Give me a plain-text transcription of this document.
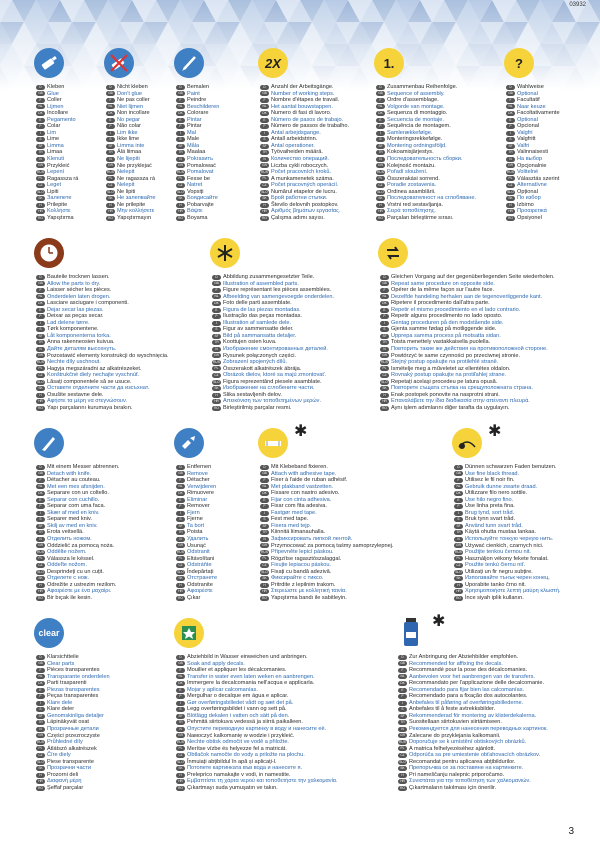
03932
D Kleben
GB Glue
F Coller
NL Lijmen
DK Incollare
E Pegamento
P Colar
I	Lim
S Lime
SF Limma
TR Limaa
N Klenuti
GR Przykleić
RUS Lepení
PL Ragasszа rá
CZ Leget
SLO Lipiti
SK Залепете
H Prilepite
HR Κολλήστε
RO Yapıştırma
D Nicht kleben
GB Don't glue
F Ne pas coller
NL Niet lijmen
DK Non incollare
E No pegar
P Não colar
I	Lim ikke
S Ikke lime
SF Limma inte
TR Älä liimaa
N Ne lijepiti
GR Nie przyklejać
RUS Nelepit
PL Ne ragassza rá
CZ Nelepit
SLO Ne lipiti
SK Не залепвайте
H Ne prilepite
HR Μην κολλήσετε
RO Yapıştırmayın
D Bemalen
GB Paint
F Peindre
NL Beschilderen
DK Colorare
E Pintar
P Pintar
I	Mal
S Male
SF Måla
TR Maalaa
N Pokrasить
GR Pomalować
RUS Pomalovat
PL Fesse be
CZ Natret
SLO Vopsiți
SK Боядисайте
H Pobarvajte
HR Βάψτε
RO Boyama
2X
D Anzahl der Arbeitsgänge.
GB Number of working steps.
F Nombre d'étapes de travail.
NL Het aantal bouwstappen.
DK Numero di fasi di lavoro.
E Número de pasos de trabajo.
P Número de passos de trabalho.
I	Antal arbejdsgange.
S Antall arbeidstrinn.
SF Antal operationer.
TR Työvaiheiden määrä.
N Количество операций.
GR Liczba cykli roboczych.
RUS Počet pracovních kroků.
PL A munkamenetek száma.
CZ Počet pracovných operácií.
SLO Numărul etapelor de lucru.
SK Брой работни стъпки.
H Število delovnih postopkov.
HR Αριθμός βημάτων εργασίας.
RO Çalışma adımı sayısı.
1.
D Zusammenbau Reihenfolge.
GB Sequence of assembly.
F Ordre d'assemblage.
NL Volgorde van montage.
DK Sequenza di montaggio.
E Secuencia de montaje.
P Sequência de montagem.
I	Samlerækkefølge.
S Monteringsrekkefølge.
SF Montering ordningsföljd.
TR Kokoamisjärjestys.
N Последовательность сборки.
GR Kolejność montażu.
RUS Pořadí sloužení.
PL Összerakási sorrend.
CZ Poradie zostavenia.
SLO Ordinea asamblării.
SK Последователност на сглобяване.
H Vrstni red sestavljanja.
HR Σειρά τοποθέτησης.
RO Parçaları birleştirme sırası.
?
D Wahlweise
GB Optional
F Facultatif
NL Naar keuze
DK Facoltativamente
E Optional
P Opcional
I	Valgfri
S Valgfritt
SF Valfri
TR Valinnaisesti
N На выбор
GR Opcjonalnie
RUS Volitelné
PL Választás szerint
CZ Alternatívne
SLO Opțional
SK По избор
H Izbirno
HR Προαιρετικά
RO Opsiyonel
D Bauteile trocknen lassen.
GB Allow the parts to dry.
F Laisser sécher les pièces.
NL Onderdelen laten drogen.
DK Lasciare asciugare i componenti.
E Dejar secar las piezas.
P Deixar as peças secar.
I	Lad delene tørre.
S Tørk komponentene.
SF Låt komponenterna torka.
TR Anna rakenneosien kuivua.
N Дайте деталям высохнуть.
GR Pozostawić elementy konstrukcji do wyschnięcia.
RUS Nechte díly uschnout.
PL Hagyja megszáradni az alkatrészeket.
CZ Konštrukčné diely nechajte vyschnúť.
SLO Lăsați componentele să se usuce.
SK Оставете отделните части да изсъхнат.
H Osušite sestavne dele.
HR Αφήστε τα μέρη να στεγνώσουν.
RO Yapı parçalarını kurumaya bırakın.
D Abbildung zusammengesetzter Teile.
GB Illustration of assembled parts.
F Figure représentant les pièces assemblées.
NL Afbeelding van samengevoegde onderdelen.
DK Foto delle parti assemblate.
E Figura de las piezas montadas.
P Ilustração das peças montadas.
I	Illustration af samlede dele.
S Figur av sammensatte deler.
SF Bild på sammansatta detaljer.
TR Koottujen osien kuva.
N Изображение смонтированных деталей.
GR Rysunek połączonych części.
RUS Zobrazení spojených dílů.
PL Összerakott alkatrészek ábrája.
CZ Obrázok dielov, ktoré sa majú zmontovať.
SLO Figura reprezentând piesele asamblate.
SK Изображение на сглобените части.
H Slika sestavljenih delov.
HR Απεικόνιση των τοποθετημένων μερών.
RO Birleştirilmiş parçalar resmi.
D Gleichen Vorgang auf der gegenüberliegenden Seite wiederholen.
GB Repeat same procedure on opposite side.
F Opérer de la même façon sur l'autre face.
NL Dezelfde handeling herhalen aan de tegenoverliggende kant.
DK Ripetere il procedimento dall'altra parte.
E Repetir el mismo procedimiento en el lado contrario.
P Repetir alguns procedimento no lado oposto.
I	Gentag proceduren på den modstående side.
S Gjenta samme fødag på motliggende side.
SF Upprepa samma process på motsatta sidan.
TR Toista menettely vastakkaisella puolella.
N Повторить такие же действия на противоположной стороне.
GR Powtórzyć te same czynności po przeciwnej stronie.
RUS Stejný postup opakujte na protilehlé straně.
PL Ismételje meg a műveletet az ellentétes oldalon.
CZ Rovnaký postup opakujte na protiľahlej strane.
SLO Repetați acelaşi procedeu pe latura opusă.
SK Повторете същата стъпка на срещуположната страна.
H Enak postopek ponovite na nasprotni strani.
HR Επαναλάβετε την ίδια διαδικασία στην απέναντι πλευρά.
RO Aynı işlem adımlarını diğer tarafta da uygulayın.
D Mit einem Messer abtrennen.
GB Detach with knife.
F Détacher au couteau.
NL Met een mes afsnijden.
DK Separare con un coltello.
E Separar con cuchillo.
P Separar com uma faca.
I	Skær af med en kniv.
S Separer med kniv.
SF Skilj av med en kniv.
TR Erota veitsellä.
N Отделить ножом.
GR Oddzielić za pomocą noża.
RUS Oddělte nožem.
PL Válassza le késsel.
CZ Oddeľte nožom.
SLO Desprindeți cu un cuțit.
SK Отделете с нож.
H Odrežite z ustrezim rezilom.
HR Αφαιρέστε με ένα μαχαίρι.
RO Bir bıçak ile kesin.
D Entfernen
GB Remove
F Détacher
NL Verwijderen
DK Rimuovere
E Eliminar
P Remover
I	Fjern
S Fjerne
SF Ta bort
TR Poista
N Удалить
GR Usunąć
RUS Odstranit
PL Eltávolítani
CZ Odstráňte
SLO Îndepărtați
SK Отстранете
H Odstranite
HR Αφαιρέστε
RO Çıkar
✱
D Mit Klebeband fixieren.
GB Attach with adhesive tape.
F Fixer à l'aide de ruban adhésif.
NL Met plakband vastzetten.
DK Fissare con nastro adesivo.
E Fijar con cinta adhesiva.
P Fixar com fita adesiva.
I	Fastgør med tape.
S Fest med tape.
SF Fixera med tejp.
TR Kiinnitä liimanauhalla.
N Зафиксировать липкой лентой.
GR Przymocować za pomocą taśmy samoprzylepnej.
RUS Připevněte lepicí páskou.
PL Rögzítse ragasztószalaggal.
CZ Fixujte lepiacou páskou.
SLO Fixați cu bandă adezivă.
SK Фиксирайте с тиксо.
H Pritrdite z lepilnim trakom.
HR Στερεώστε με κολλητική ταινία.
RO Yapıştırma bandı ile sabitleyin.
✱
D Dünnen schwarzen Faden benutzen.
GB Use fine black thread.
F Utilisez le fil noir fin.
NL Gebruik dunne zwarte draad.
DK Utilizzare filo nero sottile.
E Use hilo negro fino.
P Use linha preta fina.
I	Brug tynd, sort tråd.
S Bruk tynn svart tråd.
SF Använd tunn svart tråd.
TR Käytä ohutta mustaa lankaa.
N Используйте тонкую черную нить.
GR Używać cienkich, czarnych nici.
RUS Použijte tenkou černou nit.
PL Használjon vékony fekete fonalat.
CZ Použite tenkú čiernu niť.
SLO Utilizați un fir negru subțire.
SK Използвайте тънък черен конец.
H Uporabite tanko črno nit.
HR Χρησιμοποιήστε λεπτή μαύρη κλωστή.
RO İnce siyah iplik kullanın.
clear
D Klarsichtteile
GB Clear parts
F Pièces transparentes
NL Transparante onderdelen
DK Parti trasparenti
E Piezas transparentes
P Peças transparentes
I	Klare dele
S Klare deler
SF Genomskinliga detaljer
TR Läpinäkyvät osat
N Прозрачные детали
GR Części przezroczyste
RUS Průhledné díly
PL Átlátszó alkatrészek
CZ Číre diely
SLO Piese transparente
SK Прозрачни части
H Prozorni deli
HR Διαφανή μέρη
RO Şeffaf parçalar
D Abziehbild in Wasser einweichen und anbringen.
GB Soak and apply decals.
F Mouiller et appliquer les décalcomanies.
NL Transfer in water even laten weken en aanbrengen.
DK Immergere la decalcomania nell'acqua e applicarla.
E Mojar y aplicar calcomanías.
P Mergulhar o decalque em água e aplicar.
I	Gør overføringsbilledet vådt og sæt det på.
S Legg overføringsbildet i vann og sett på.
SF Blötlägg dekalen i vatten och sätt på den.
TR Pehmitä siirtokuva vedessä ja siirrä paikalleen.
N Опустите переводную картинку в воду и нанесите её.
GR Naмoczyć kalkomanię w wodzie i przykleić.
RUS Nechte obtisk odmočit ve vodě a přiložte.
PL Merítse vízbe és helyezze fel a matricát.
CZ Obtlačok namočte do vody a priložte na plochu.
SLO Înmuiați abțibildul în apă și aplicați-l.
SK Потопете картинката във вода и нанесете я.
H Preleprico namakajte v vodi, in namestite.
HR Εμβαπτίστε τη χάρτα νερού και τοποθετήστε την χαλκομανία.
RO Çıkartmayı suda yumuşatın ve takın.
✱
D Zur Anbringung der Abziehbilder empfohlen.
GB Recommended for affixing the decals.
F Recommandé pour la pose des décalcomanies.
NL Aanbevolen voor het aanbrengen van de transfers.
DK Recommandato per l'applicazione delle decalcomanie.
E Recomendado para fijar bien las calcomanías.
P Recomendado para a fixação dos autocolantes.
I	Anbefales til påføring af overføringsbillederne.
S Anbefales til å feste avtrekksbilder.
SF Rekommenderad för montering av klisterdekalerna.
TR Suositellaan siirtokuvien siirtämiseen.
N Рекомендуется для нанесения переводных картинок.
GR Zalecane do przyklejania kalkomanii.
RUS Doporučuje se k umístění obtiskových obrázků.
PL A matrica felhelyezéséhez ajánlott.
CZ Odporúča sa pre umiestenie obťahovacích obrázkov.
SLO Recomandat pentru aplicarea abțibildurilor.
SK Препоръчва се за поставяне на картинките.
H Pri nameščanju nalepnic priporočamo.
HR Συνιστάται για την τοποθέτηση των χαλκομανιών.
RO Çıkartmaların takılması için önerilir.
3
